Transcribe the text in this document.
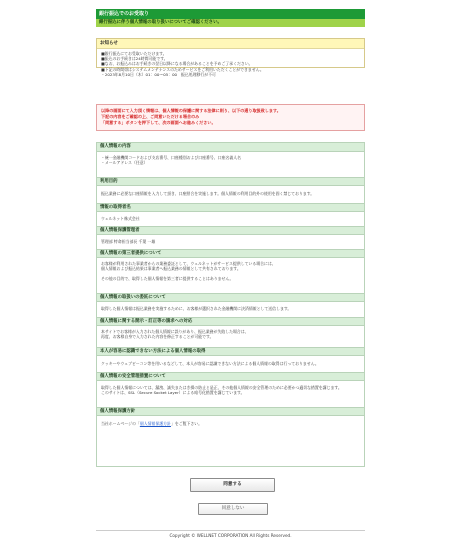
銀行振込でのお受取り
銀行振込に伴う個人情報の取り扱いについてご確認ください。
お知らせ
■銀行振込にてお受取いただけます。
■振込のお手続きは24時間可能です。
■なお、お振込みはお手続きの翌日以降になる場合があることを予めご了承ください。
■下記の時間帯はシステムメンテナンスのためサービスをご利用いただくことができません。
・2023年8月10日（木）01：00～05：00　振込処理移行が不可
以降の画面にて入力頂く情報は、個人情報の保護に関する法律に則り、以下の通り取扱致します。
下記の内容をご確認の上、ご同意いただける場合のみ
「同意する」ボタンを押下して、次の画面へお進みください。
個人情報の内容
・統一金融機関コードおよび支店番号、口座種別および口座番号、口座名義人名
・メールアドレス（任意）
利用目的
振込業務に必要な口座情報を入力して頂き、口座照合を実施します。個人情報の利用目的外の使用を固く禁じております。
情報の取得者名
ウェルネット株式会社
個人情報保護管理者
管理部 特命担当部長 千葉 一雄
個人情報の第三者提供について
お客様が利用された事業者からの業務委託として、ウェルネットがサービス提供している場合には、
個人情報および振込結果は事業者へ振込業務の情報として共有されております。
その他の目的で、取得した個人情報を第三者に提供することはありません。
個人情報の取扱いの委託について
取得した個人情報は振込業務を実施するために、お客様が選択された金融機関に決済情報として送信します。
個人情報に関する開示・訂正等の請求への対応
本サイトでお客様が入力された個人情報に誤りがあり、振込業務が失敗した場合は、
再度、お客様自身で入力された内容を修正することが可能です。
本人が容易に認識できない方法による個人情報の取得
クッキーやウェブビーコン等を用いるなどして、本人が容易に認識できない方法による個人情報の取得は行っておりません。
個人情報の安全管理措置について
取得した個人情報については、漏洩、滅失またはき損の防止と是正、その他個人情報の安全管理のために必要かつ適切な措置を講じます。
このサイトは、SSL（Secure Socket Layer）による暗号化措置を講じています。
個人情報保護方針
当社ホームページの「個人情報保護方針」をご覧下さい。
同意する
同意しない
Copyright © WELLNET CORPORATION All Rights Reserved.
